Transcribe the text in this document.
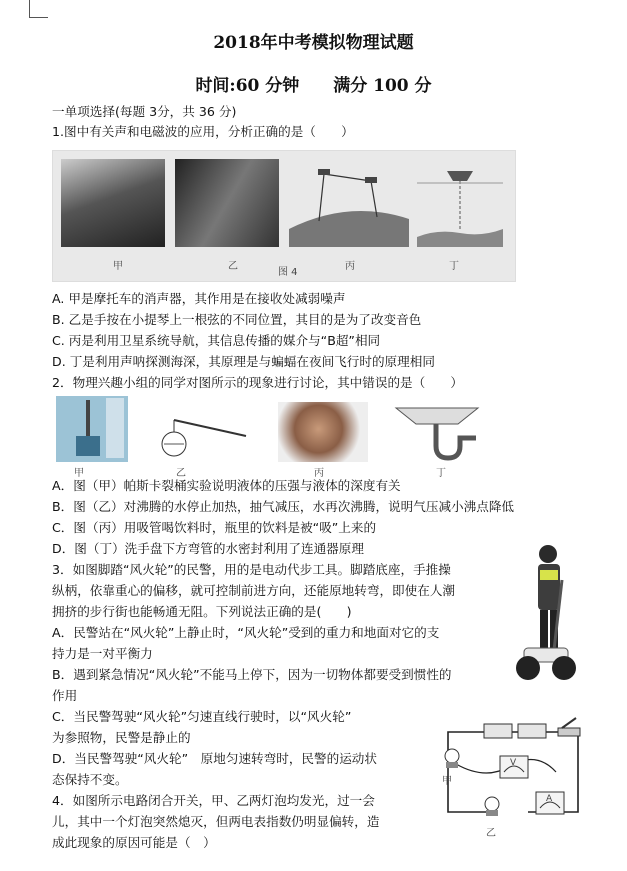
2018年中考模拟物理试题
时间:60 分钟 满分 100 分
一单项选择(每题 3分，共 36 分)
1.图中有关声和电磁波的应用，分析正确的是（　　）
甲	乙
图 4
丙	丁
A. 甲是摩托车的消声器，其作用是在接收处减弱噪声
B. 乙是手按在小提琴上一根弦的不同位置，其目的是为了改变音色
C. 丙是利用卫星系统导航，其信息传播的媒介与“B超”相同
D. 丁是利用声呐探测海深，其原理是与蝙蝠在夜间飞行时的原理相同
2．物理兴趣小组的同学对图所示的现象进行讨论，其中错误的是（　　）
甲	乙	丙	丁
A．图（甲）帕斯卡裂桶实验说明液体的压强与液体的深度有关
B．图（乙）对沸腾的水停止加热，抽气减压，水再次沸腾，说明气压减小沸点降低
C．图（丙）用吸管喝饮料时，瓶里的饮料是被“吸”上来的
D．图（丁）洗手盘下方弯管的水密封利用了连通器原理
3．如图脚踏“风火轮”的民警，用的是电动代步工具。脚踏底座，手推操
纵柄，依靠重心的偏移，就可控制前进方向，还能原地转弯，即使在人潮
拥挤的步行街也能畅通无阻。下列说法正确的是(　　)
A．民警站在“风火轮”上静止时，“风火轮”受到的重力和地面对它的支
持力是一对平衡力
B．遇到紧急情况“风火轮”不能马上停下，因为一切物体都要受到惯性的
作用
C．当民警驾驶“风火轮”匀速直线行驶时，以“风火轮”
为参照物，民警是静止的
D．当民警驾驶“风火轮”　原地匀速转弯时，民警的运动状
态保持不变。
4．如图所示电路闭合开关，甲、乙两灯泡均发光，过一会
儿，其中一个灯泡突然熄灭，但两电表指数仍明显偏转，造
成此现象的原因可能是（　）
甲
乙
V
A
